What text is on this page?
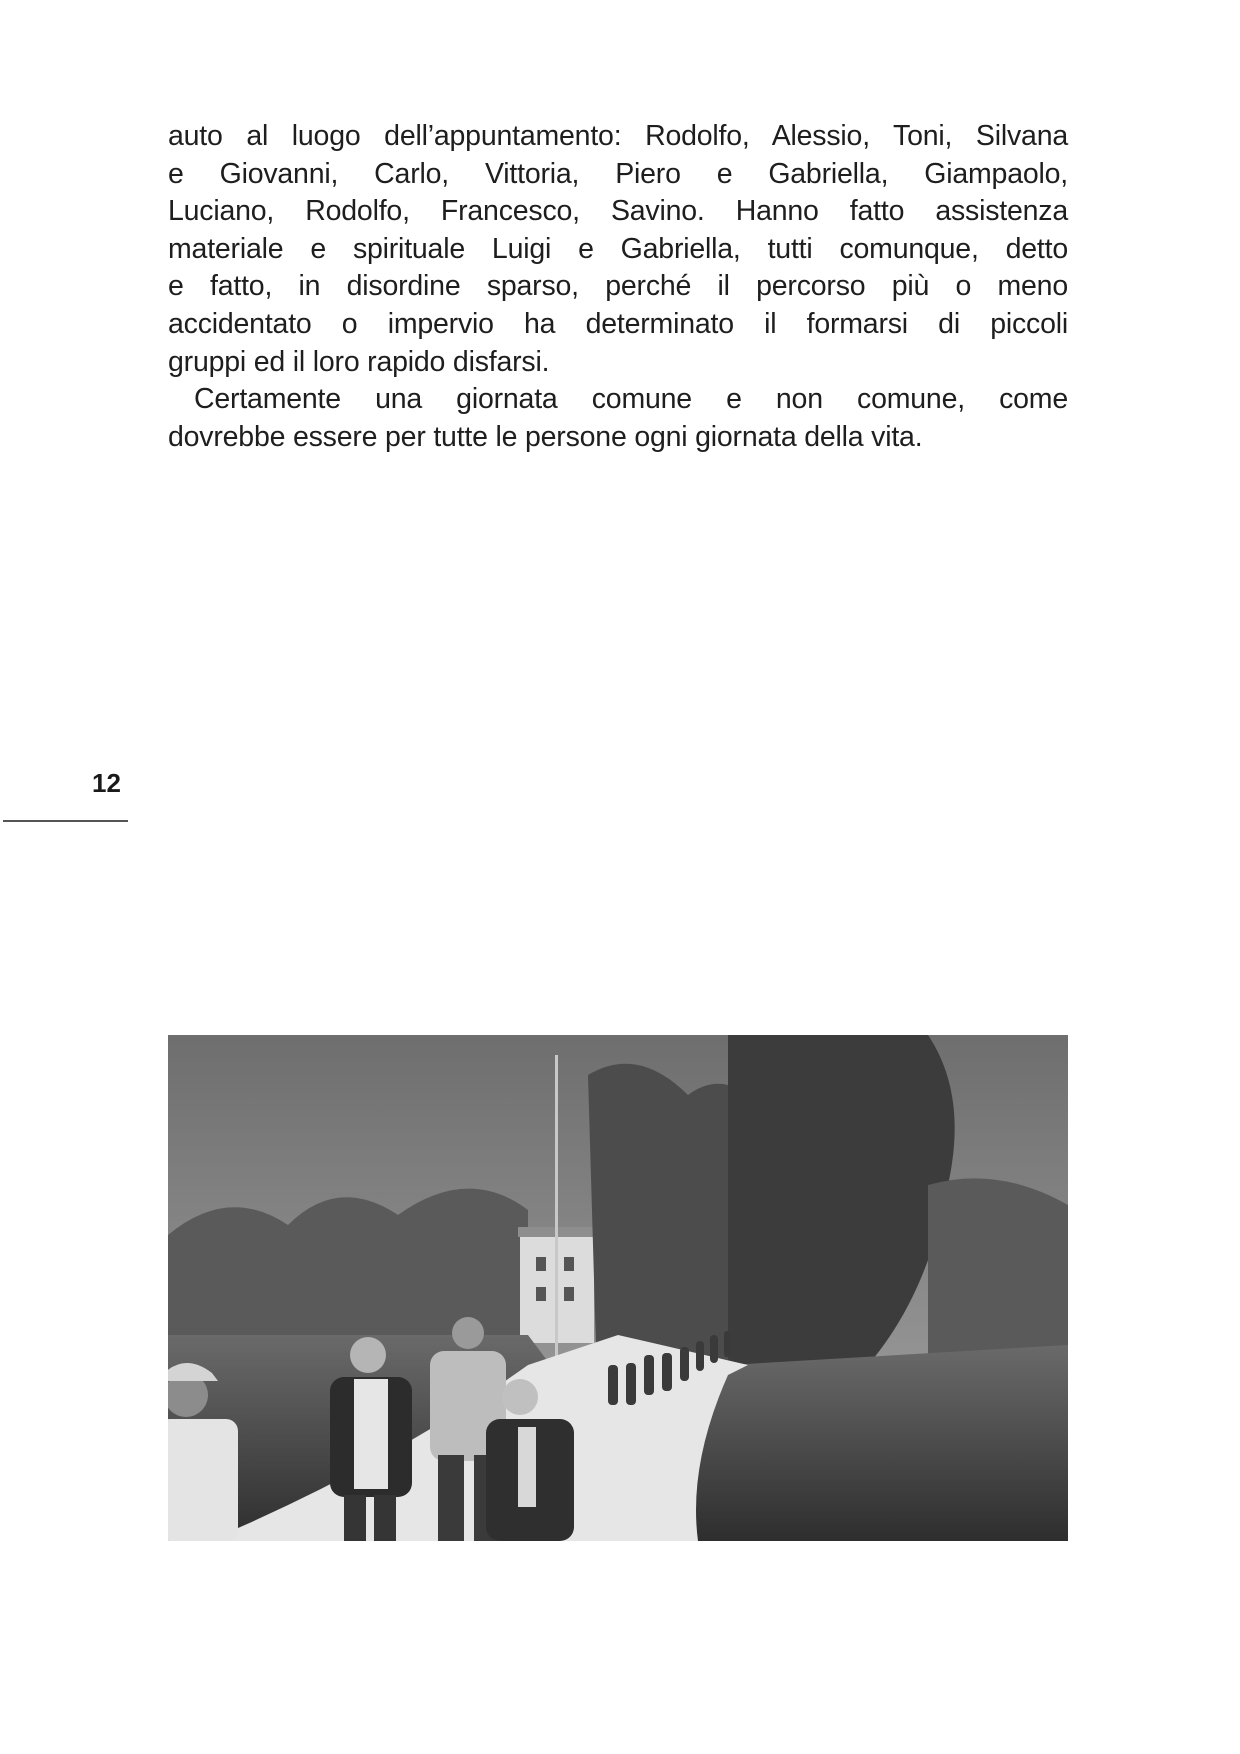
auto al luogo dell’appuntamento: Rodolfo, Alessio, Toni, Silvana
e Giovanni, Carlo, Vittoria, Piero e Gabriella, Giampaolo,
Luciano, Rodolfo, Francesco, Savino. Hanno fatto assistenza
materiale e spirituale Luigi e Gabriella, tutti comunque, detto
e fatto, in disordine sparso, perché il percorso più o meno
accidentato o impervio ha determinato il formarsi di piccoli
gruppi ed il loro rapido disfarsi.
Certamente una giornata comune e non comune, come
dovrebbe essere per tutte le persone ogni giornata della vita.
12
